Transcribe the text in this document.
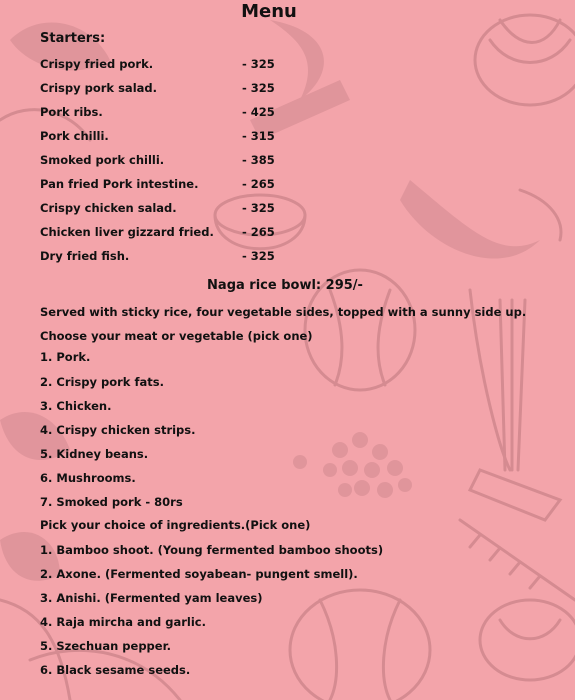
Menu
Starters:
Crispy fried pork.	- 325
Crispy pork salad.	- 325
Pork ribs.	- 425
Pork chilli.	- 315
Smoked pork chilli.	- 385
Pan fried Pork intestine.	- 265
Crispy chicken salad.	- 325
Chicken liver gizzard fried. - 265
Dry fried fish.	- 325
Naga rice bowl: 295/-
Served with sticky rice, four vegetable sides, topped with a sunny side up.
Choose your meat or vegetable (pick one)
1. Pork.
2. Crispy pork fats.
3. Chicken.
4. Crispy chicken strips.
5. Kidney beans.
6. Mushrooms.
7. Smoked pork - 80rs
Pick your choice of ingredients.(Pick one)
1. Bamboo shoot. (Young fermented bamboo shoots)
2. Axone. (Fermented soyabean- pungent smell).
3. Anishi. (Fermented yam leaves)
4. Raja mircha and garlic.
5. Szechuan pepper.
6. Black sesame seeds.
